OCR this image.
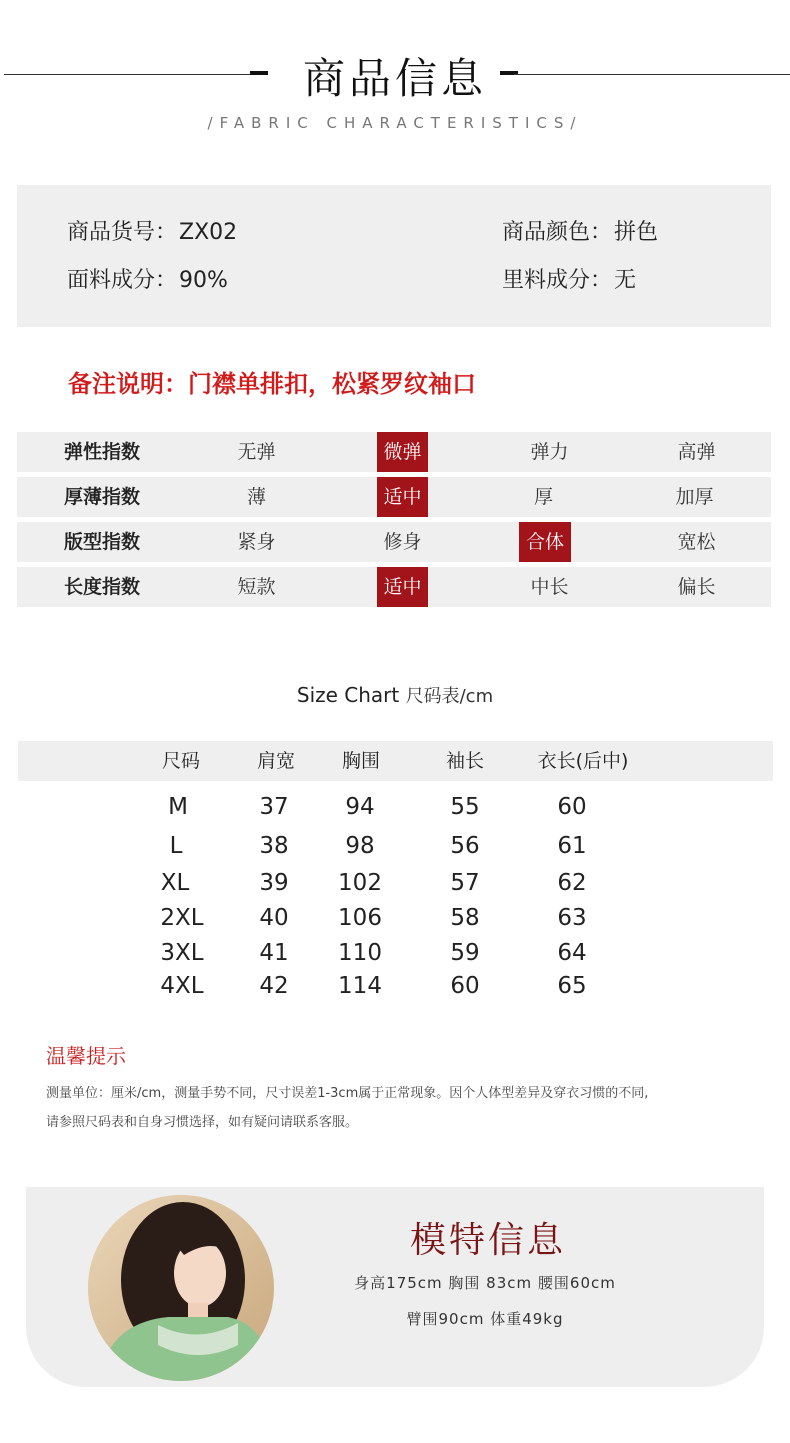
商品信息
/FABRIC CHARACTERISTICS/
商品货号：ZX02	商品颜色：拼色
面料成分：90%	里料成分：无
备注说明：门襟单排扣，松紧罗纹袖口
弹性指数	无弹	微弹	弹力	高弹
厚薄指数	薄	适中	厚	加厚
版型指数	紧身	修身	合体	宽松
长度指数	短款	适中	中长	偏长
Size Chart 尺码表/cm
尺码	肩宽	胸围	袖长	衣长(后中)
M	37	94	55	60
L	38	98	56	61
XL	39	102	57	62
2XL	40	106	58	63
3XL	41	110	59	64
4XL	42	114	60	65
温馨提示
测量单位：厘米/cm，测量手势不同，尺寸误差1-3cm属于正常现象。因个人体型差异及穿衣习惯的不同,
请参照尺码表和自身习惯选择，如有疑问请联系客服。
模特信息
身高175cm 胸围 83cm 腰围60cm
臂围90cm 体重49kg
